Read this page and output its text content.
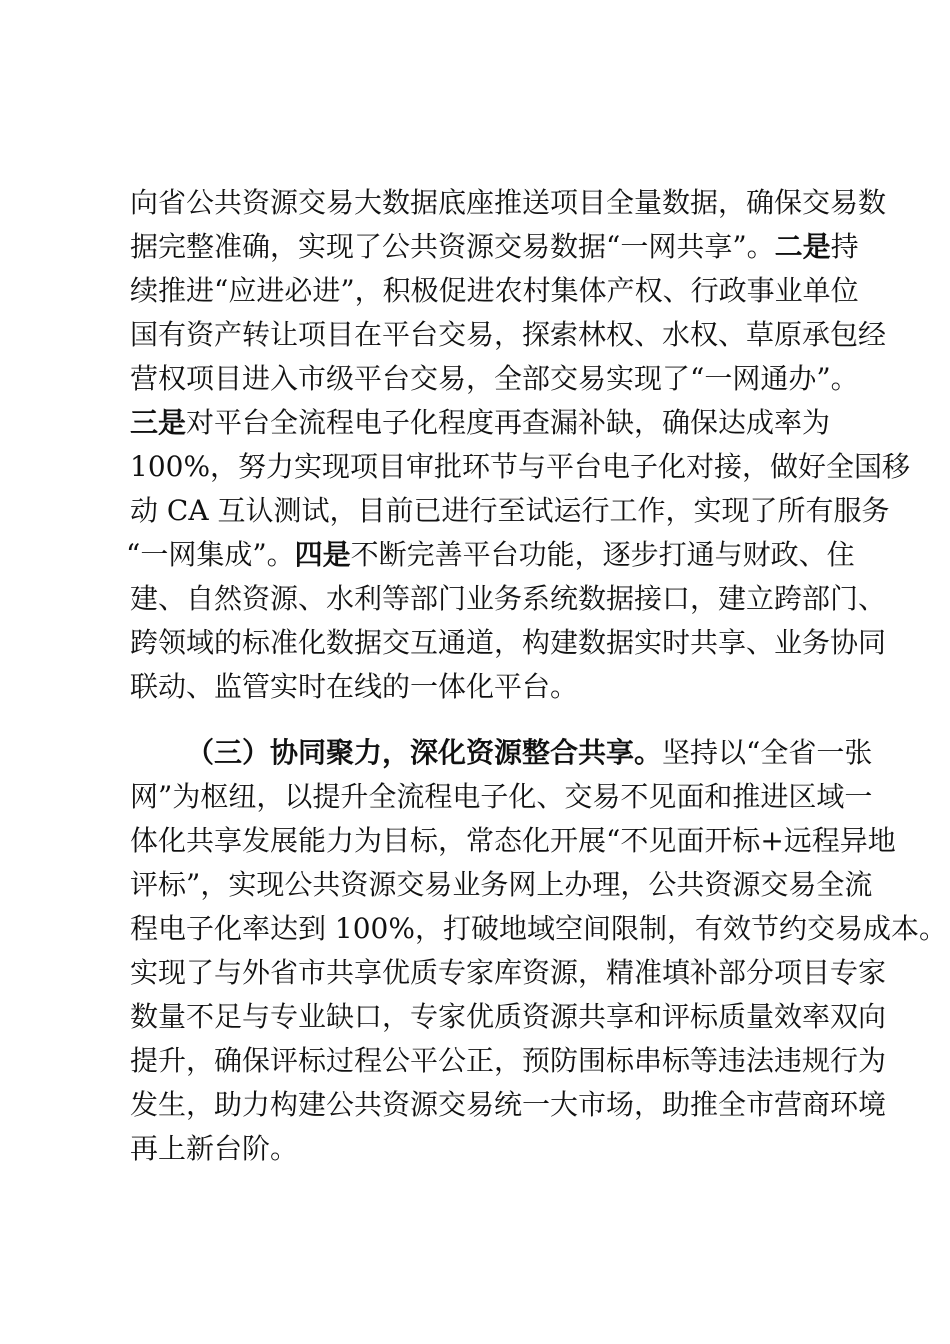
向省公共资源交易大数据底座推送项目全量数据，确保交易数
据完整准确，实现了公共资源交易数据“一网共享”。二是持
续推进“应进必进”，积极促进农村集体产权、行政事业单位
国有资产转让项目在平台交易，探索林权、水权、草原承包经
营权项目进入市级平台交易，全部交易实现了“一网通办”。
三是对平台全流程电子化程度再查漏补缺，确保达成率为
100%，努力实现项目审批环节与平台电子化对接，做好全国移
动 CA 互认测试，目前已进行至试运行工作，实现了所有服务
“一网集成”。四是不断完善平台功能，逐步打通与财政、住
建、自然资源、水利等部门业务系统数据接口，建立跨部门、
跨领域的标准化数据交互通道，构建数据实时共享、业务协同
联动、监管实时在线的一体化平台。
（三）协同聚力，深化资源整合共享。坚持以“全省一张
网”为枢纽，以提升全流程电子化、交易不见面和推进区域一
体化共享发展能力为目标，常态化开展“不见面开标+远程异地
评标”，实现公共资源交易业务网上办理，公共资源交易全流
程电子化率达到 100%，打破地域空间限制，有效节约交易成本。
实现了与外省市共享优质专家库资源，精准填补部分项目专家
数量不足与专业缺口，专家优质资源共享和评标质量效率双向
提升，确保评标过程公平公正，预防围标串标等违法违规行为
发生，助力构建公共资源交易统一大市场，助推全市营商环境
再上新台阶。
